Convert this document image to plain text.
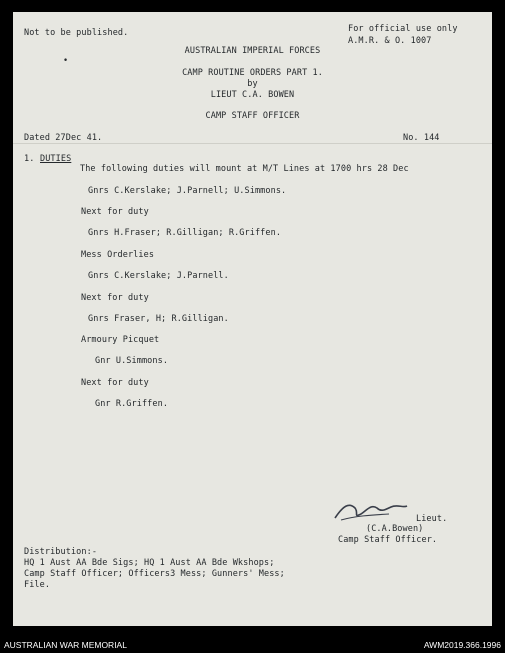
Not to be published.	For official use only
A.M.R. & O. 1007
•
AUSTRALIAN IMPERIAL FORCES
CAMP ROUTINE ORDERS PART 1.
by
LIEUT C.A. BOWEN
CAMP STAFF OFFICER
Dated 27Dec 41.	No. 144
1. DUTIES
The following duties will mount at M/T Lines at 1700 hrs 28 Dec
Gnrs C.Kerslake; J.Parnell; U.Simmons.
Next for duty
Gnrs H.Fraser; R.Gilligan; R.Griffen.
Mess Orderlies
Gnrs C.Kerslake; J.Parnell.
Next for duty
Gnrs Fraser, H; R.Gilligan.
Armoury Picquet
Gnr U.Simmons.
Next for duty
Gnr R.Griffen.
Lieut.
(C.A.Bowen)
Camp Staff Officer.
Distribution:-
HQ 1 Aust AA Bde Sigs; HQ 1 Aust AA Bde Wkshops;
Camp Staff Officer; Officers3 Mess; Gunners' Mess;
File.
AUSTRALIAN WAR MEMORIAL	AWM2019.366.1996
